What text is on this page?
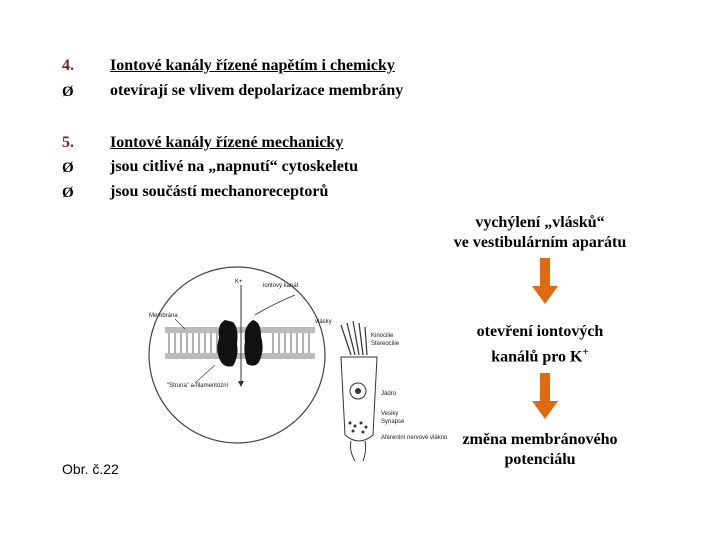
4. Iontové kanály řízené napětím i chemicky
Ø otevírají se vlivem depolarizace membrány
5. Iontové kanály řízené mechanicky
Ø jsou citlivé na „napnutí“ cytoskeletu
Ø jsou součástí mechanoreceptorů
vychýlení „vlásků“
ve vestibulárním aparátu
otevření iontových
kanálů pro K+
změna membránového
potenciálu
K+
iontový kanál
Membrána
"Struna" a-filamentózní
vlásky
Kinocilie
Stereocilie
Jádro
Vesiky
Synapse
Aferentní nervové vlákno
Obr. č.22
